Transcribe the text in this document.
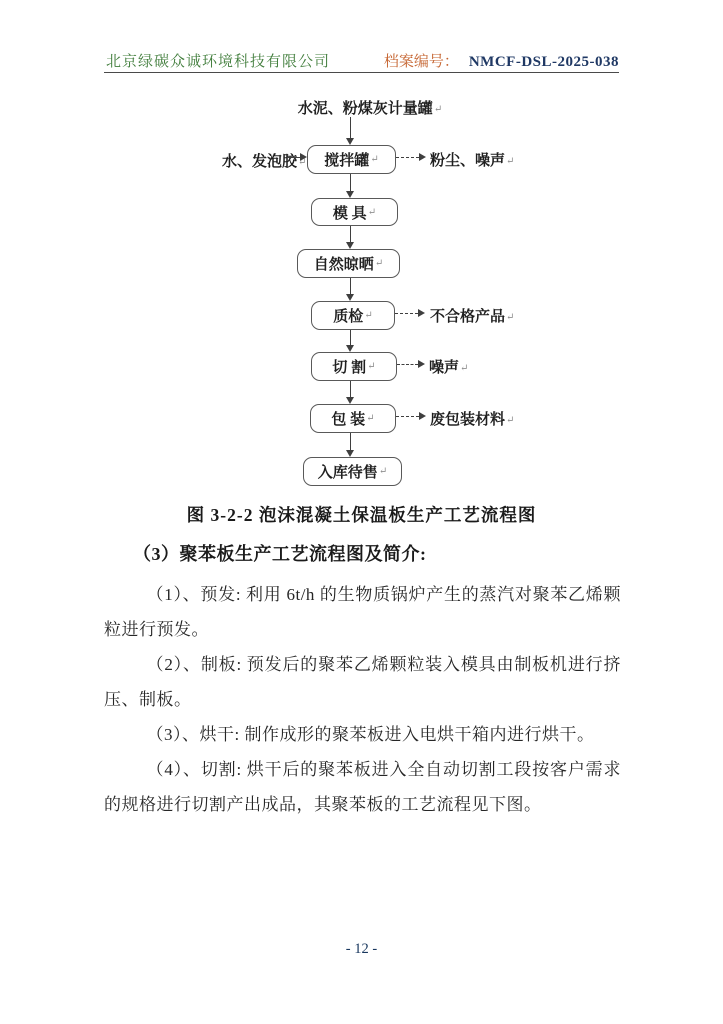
北京绿碳众诚环境科技有限公司	档案编号： NMCF-DSL-2025-038
水泥、粉煤灰计量罐↵
水、发泡胶↵ 搅拌罐 ↵
模 具 ↵
自然晾晒 ↵
质检 ↵
切 割 ↵
包 装 ↵
入库待售 ↵
粉尘、噪声↵
不合格产品↵
噪声↵
废包装材料↵
图 3-2-2 泡沫混凝土保温板生产工艺流程图
（3）聚苯板生产工艺流程图及简介:

（1）、预发: 利用 6t/h 的生物质锅炉产生的蒸汽对聚苯乙烯颗粒进行预发。

（2）、制板: 预发后的聚苯乙烯颗粒装入模具由制板机进行挤压、制板。

（3）、烘干: 制作成形的聚苯板进入电烘干箱内进行烘干。

（4）、切割: 烘干后的聚苯板进入全自动切割工段按客户需求的规格进行切割产出成品，其聚苯板的工艺流程见下图。

- 12 -
